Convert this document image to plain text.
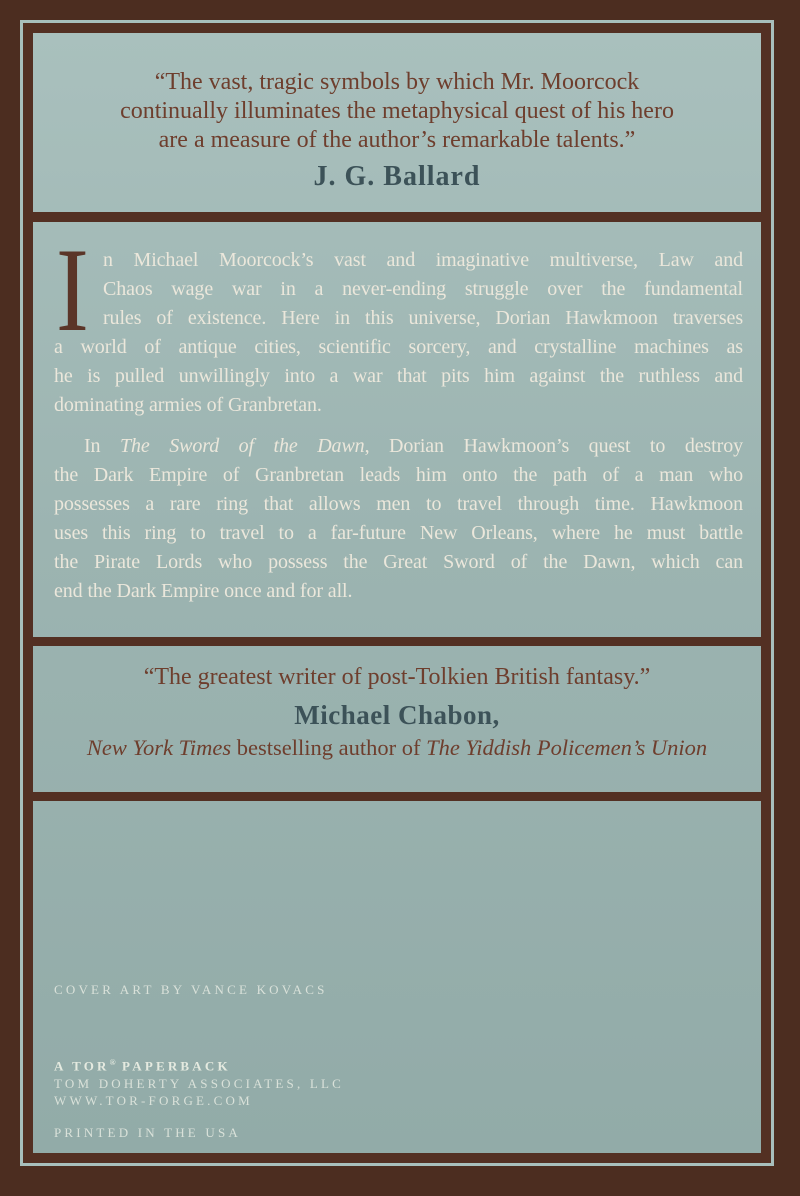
“The vast, tragic symbols by which Mr. Moorcock
continually illuminates the metaphysical quest of his hero
are a measure of the author’s remarkable talents.”
J. G. Ballard
I n Michael Moorcock’s vast and imaginative multiverse, Law and
Chaos wage war in a never-ending struggle over the fundamental
rules of existence. Here in this universe, Dorian Hawkmoon traverses
a world of antique cities, scientific sorcery, and crystalline machines as
he is pulled unwillingly into a war that pits him against the ruthless and
dominating armies of Granbretan.
In The Sword of the Dawn, Dorian Hawkmoon’s quest to destroy
the Dark Empire of Granbretan leads him onto the path of a man who
possesses a rare ring that allows men to travel through time. Hawkmoon
uses this ring to travel to a far-future New Orleans, where he must battle
the Pirate Lords who possess the Great Sword of the Dawn, which can
end the Dark Empire once and for all.
“The greatest writer of post-Tolkien British fantasy.”
Michael Chabon,
New York Times bestselling author of The Yiddish Policemen’s Union
COVER ART BY VANCE KOVACS
A TOR® PAPERBACK
TOM DOHERTY ASSOCIATES, LLC
WWW.TOR-FORGE.COM
PRINTED IN THE USA
